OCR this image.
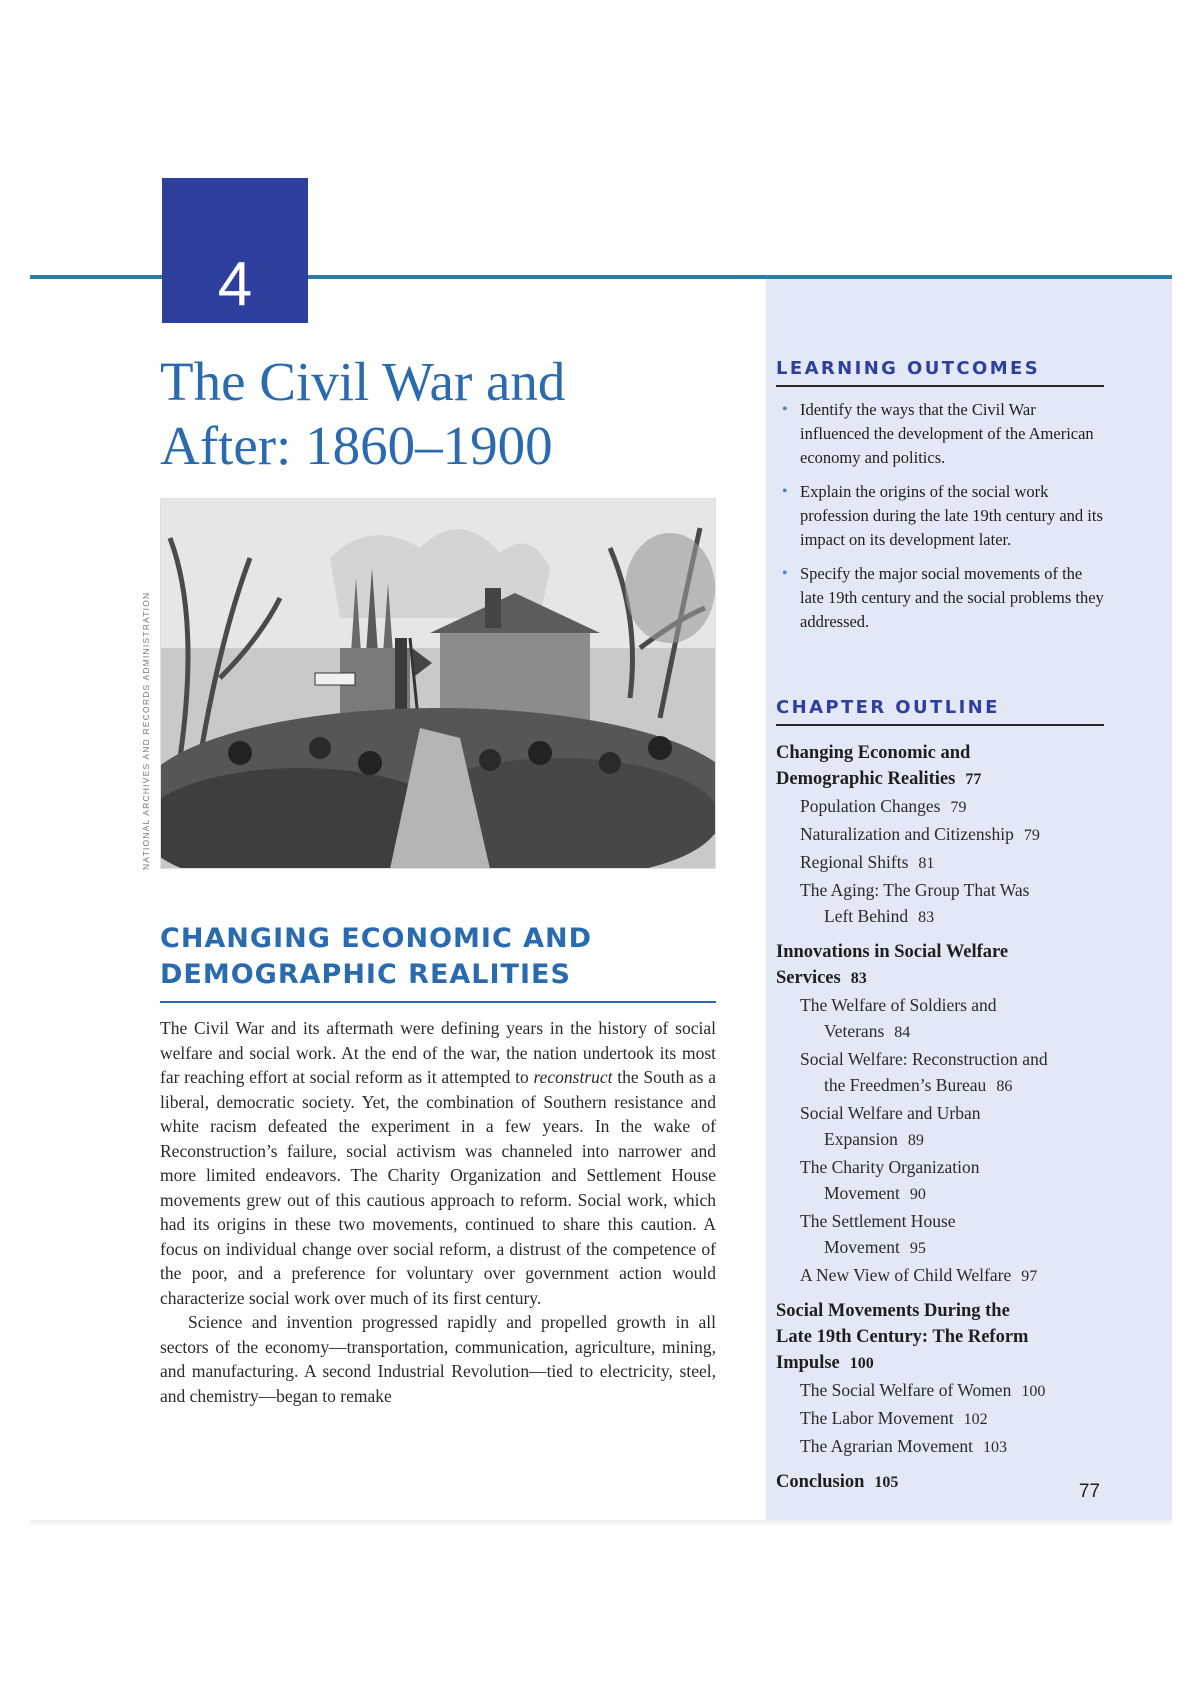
4
The Civil War and
After: 1860–1900
NATIONAL ARCHIVES AND RECORDS ADMINISTRATION
CHANGING ECONOMIC AND
DEMOGRAPHIC REALITIES

The Civil War and its aftermath were defining years in the history of social welfare and social work. At the end of the war, the nation undertook its most far reaching effort at social reform as it attempted to reconstruct the South as a liberal, democratic society. Yet, the combination of Southern resistance and white racism defeated the experiment in a few years. In the wake of Reconstruction’s failure, social activism was channeled into narrower and more limited endeavors. The Charity Organization and Settlement House movements grew out of this cautious approach to reform. Social work, which had its origins in these two movements, continued to share this caution. A focus on individual change over social reform, a distrust of the competence of the poor, and a preference for voluntary over government action would characterize social work over much of its first century.

Science and invention progressed rapidly and propelled growth in all sectors of the economy—transportation, communication, agriculture, mining, and manufacturing. A second Industrial Revolution—tied to electricity, steel, and chemistry—began to remake

LEARNING OUTCOMES
• Identify the ways that the Civil War influenced the development of the American economy and politics.
• Explain the origins of the social work profession during the late 19th century and its impact on its development later.
• Specify the major social movements of the late 19th century and the social problems they addressed.
CHAPTER OUTLINE
Changing Economic and
Demographic Realities 77
Population Changes 79
Naturalization and Citizenship 79
Regional Shifts 81
The Aging: The Group That Was
Left Behind 83
Innovations in Social Welfare
Services 83
The Welfare of Soldiers and
Veterans 84
Social Welfare: Reconstruction and
the Freedmen’s Bureau 86
Social Welfare and Urban
Expansion 89
The Charity Organization
Movement 90
The Settlement House
Movement 95
A New View of Child Welfare 97
Social Movements During the
Late 19th Century: The Reform
Impulse 100
The Social Welfare of Women 100
The Labor Movement 102
The Agrarian Movement 103
Conclusion 105	77
